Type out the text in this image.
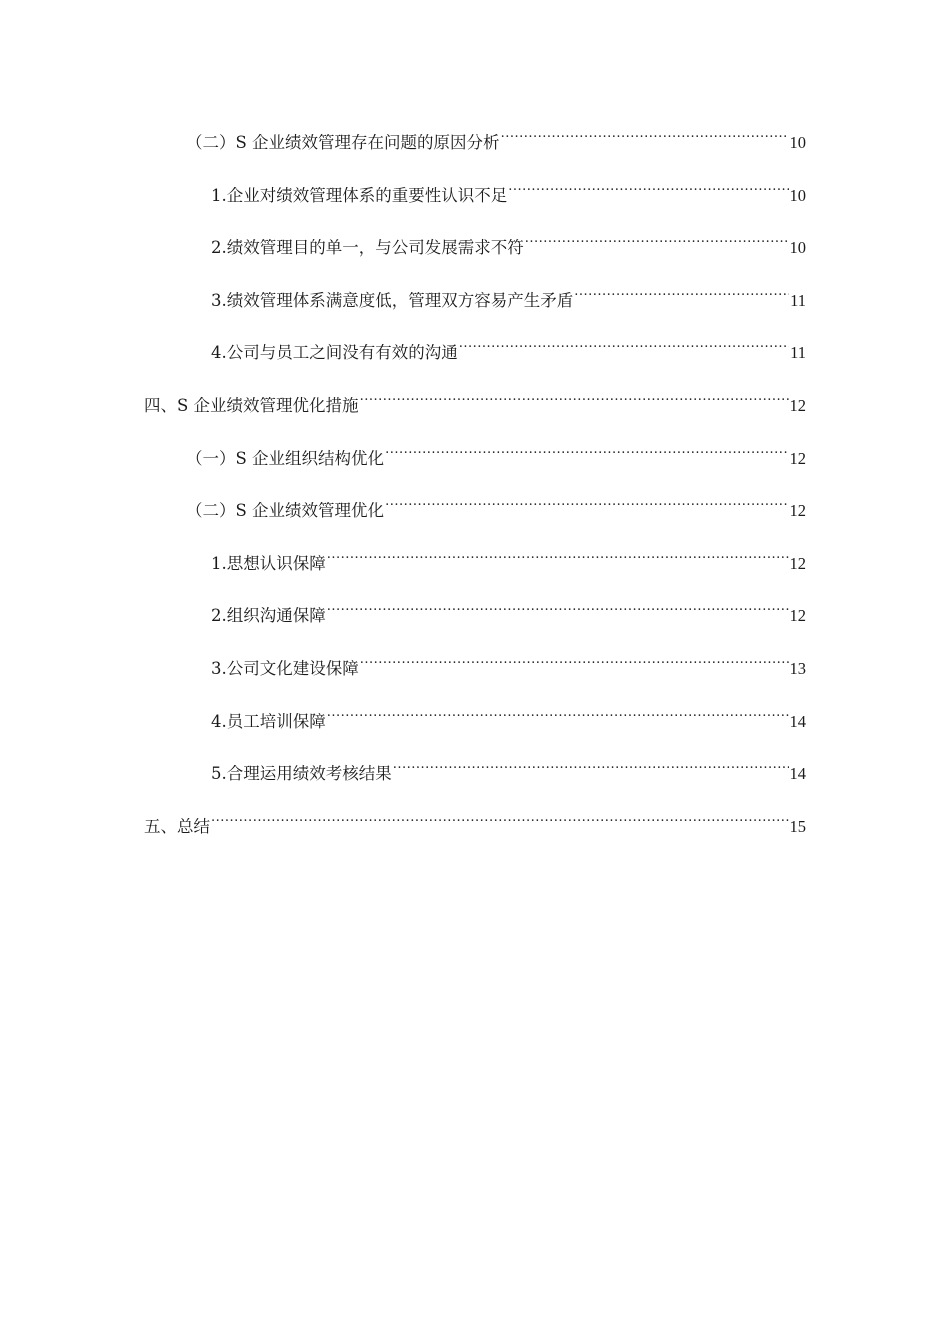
（二）S 企业绩效管理存在问题的原因分析 .....	10
1.企业对绩效管理体系的重要性认识不足 .....	10
2.绩效管理目的单一，与公司发展需求不符 .....	10
3.绩效管理体系满意度低，管理双方容易产生矛盾 .....	11
4.公司与员工之间没有有效的沟通 .....	11
四、S 企业绩效管理优化措施 .....	12
（一）S 企业组织结构优化 .....	12
（二）S 企业绩效管理优化 .....	12
1.思想认识保障 .....	12
2.组织沟通保障 .....	12
3.公司文化建设保障 .....	13
4.员工培训保障 .....	14
5.合理运用绩效考核结果 .....	14
五、总结 .....	15
